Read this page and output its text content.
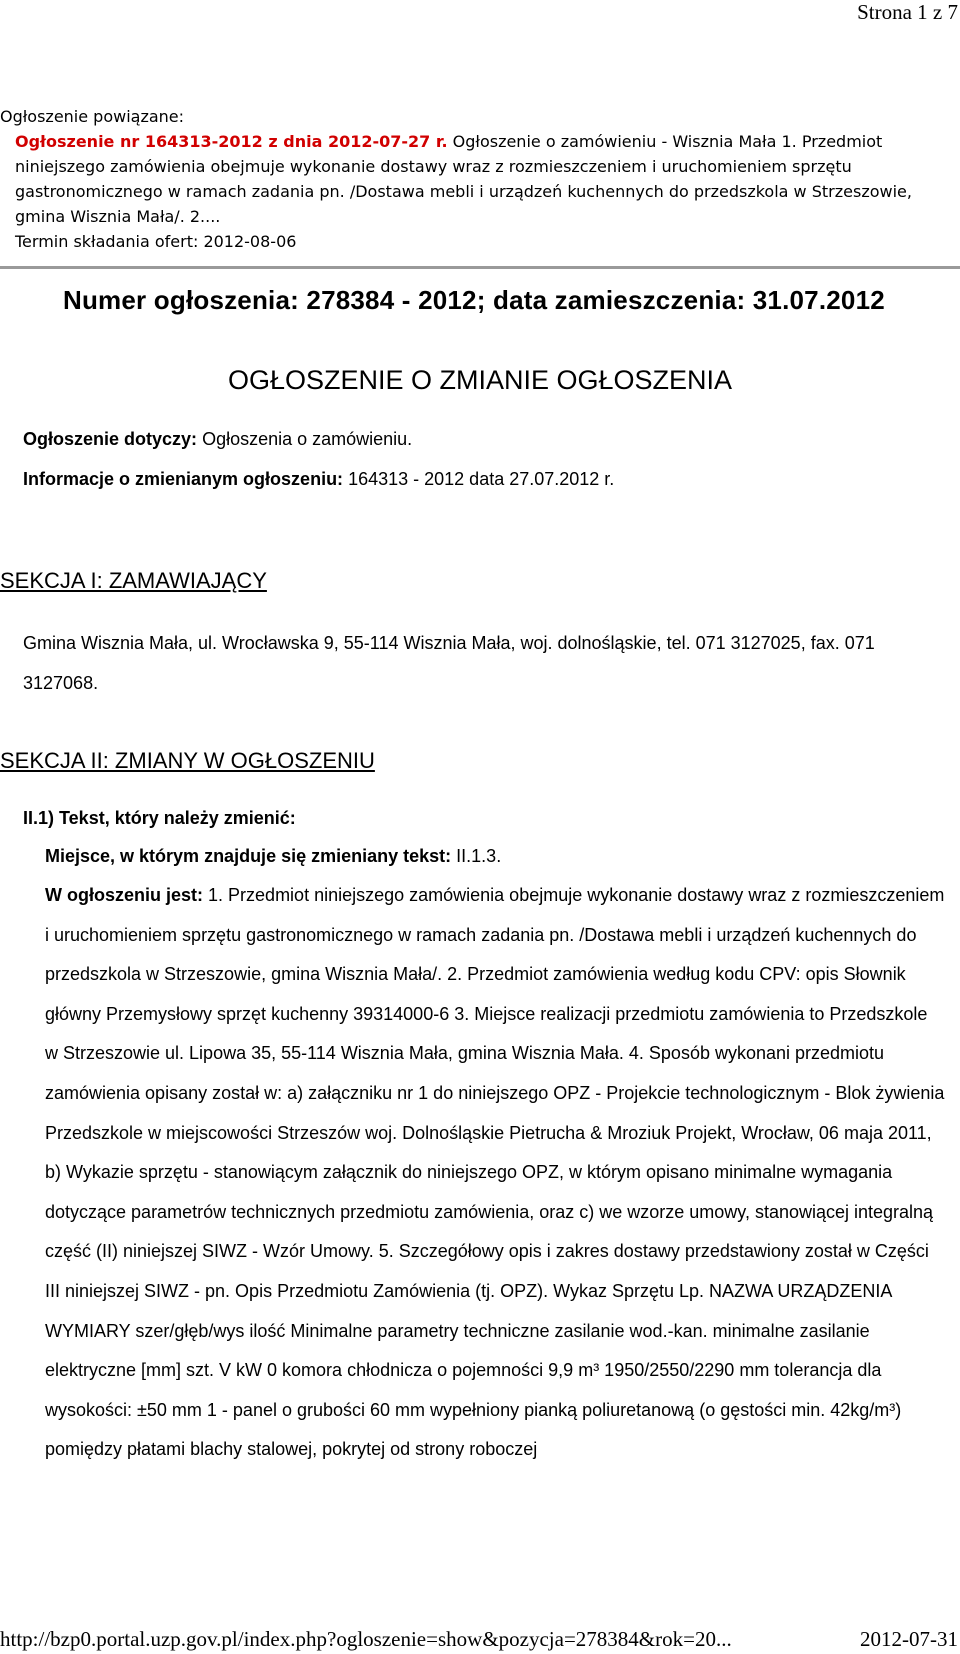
Strona 1 z 7
Ogłoszenie powiązane:
Ogłoszenie nr 164313-2012 z dnia 2012-07-27 r. Ogłoszenie o zamówieniu - Wisznia Mała 1. Przedmiot niniejszego zamówienia obejmuje wykonanie dostawy wraz z rozmieszczeniem i uruchomieniem sprzętu gastronomicznego w ramach zadania pn. /Dostawa mebli i urządzeń kuchennych do przedszkola w Strzeszowie, gmina Wisznia Mała/. 2....
Termin składania ofert: 2012-08-06
Numer ogłoszenia: 278384 - 2012; data zamieszczenia: 31.07.2012
OGŁOSZENIE O ZMIANIE OGŁOSZENIA
Ogłoszenie dotyczy: Ogłoszenia o zamówieniu.
Informacje o zmienianym ogłoszeniu: 164313 - 2012 data 27.07.2012 r.
SEKCJA I: ZAMAWIAJĄCY
Gmina Wisznia Mała, ul. Wrocławska 9, 55-114 Wisznia Mała, woj. dolnośląskie, tel. 071 3127025, fax. 071 3127068.
SEKCJA II: ZMIANY W OGŁOSZENIU
II.1) Tekst, który należy zmienić:
Miejsce, w którym znajduje się zmieniany tekst: II.1.3.
W ogłoszeniu jest: 1. Przedmiot niniejszego zamówienia obejmuje wykonanie dostawy wraz z rozmieszczeniem i uruchomieniem sprzętu gastronomicznego w ramach zadania pn. /Dostawa mebli i urządzeń kuchennych do przedszkola w Strzeszowie, gmina Wisznia Mała/. 2. Przedmiot zamówienia według kodu CPV: opis Słownik główny Przemysłowy sprzęt kuchenny 39314000-6 3. Miejsce realizacji przedmiotu zamówienia to Przedszkole w Strzeszowie ul. Lipowa 35, 55-114 Wisznia Mała, gmina Wisznia Mała. 4. Sposób wykonani przedmiotu zamówienia opisany został w: a) załączniku nr 1 do niniejszego OPZ - Projekcie technologicznym - Blok żywienia Przedszkole w miejscowości Strzeszów woj. Dolnośląskie Pietrucha & Mroziuk Projekt, Wrocław, 06 maja 2011, b) Wykazie sprzętu - stanowiącym załącznik do niniejszego OPZ, w którym opisano minimalne wymagania dotyczące parametrów technicznych przedmiotu zamówienia, oraz c) we wzorze umowy, stanowiącej integralną część (II) niniejszej SIWZ - Wzór Umowy. 5. Szczegółowy opis i zakres dostawy przedstawiony został w Części III niniejszej SIWZ - pn. Opis Przedmiotu Zamówienia (tj. OPZ). Wykaz Sprzętu Lp. NAZWA URZĄDZENIA WYMIARY szer/głęb/wys ilość Minimalne parametry techniczne zasilanie wod.-kan. minimalne zasilanie elektryczne [mm] szt. V kW 0 komora chłodnicza o pojemności 9,9 m³ 1950/2550/2290 mm tolerancja dla wysokości: ±50 mm 1 - panel o grubości 60 mm wypełniony pianką poliuretanową (o gęstości min. 42kg/m³) pomiędzy płatami blachy stalowej, pokrytej od strony roboczej
http://bzp0.portal.uzp.gov.pl/index.php?ogloszenie=show&pozycja=278384&rok=20...	2012-07-31
